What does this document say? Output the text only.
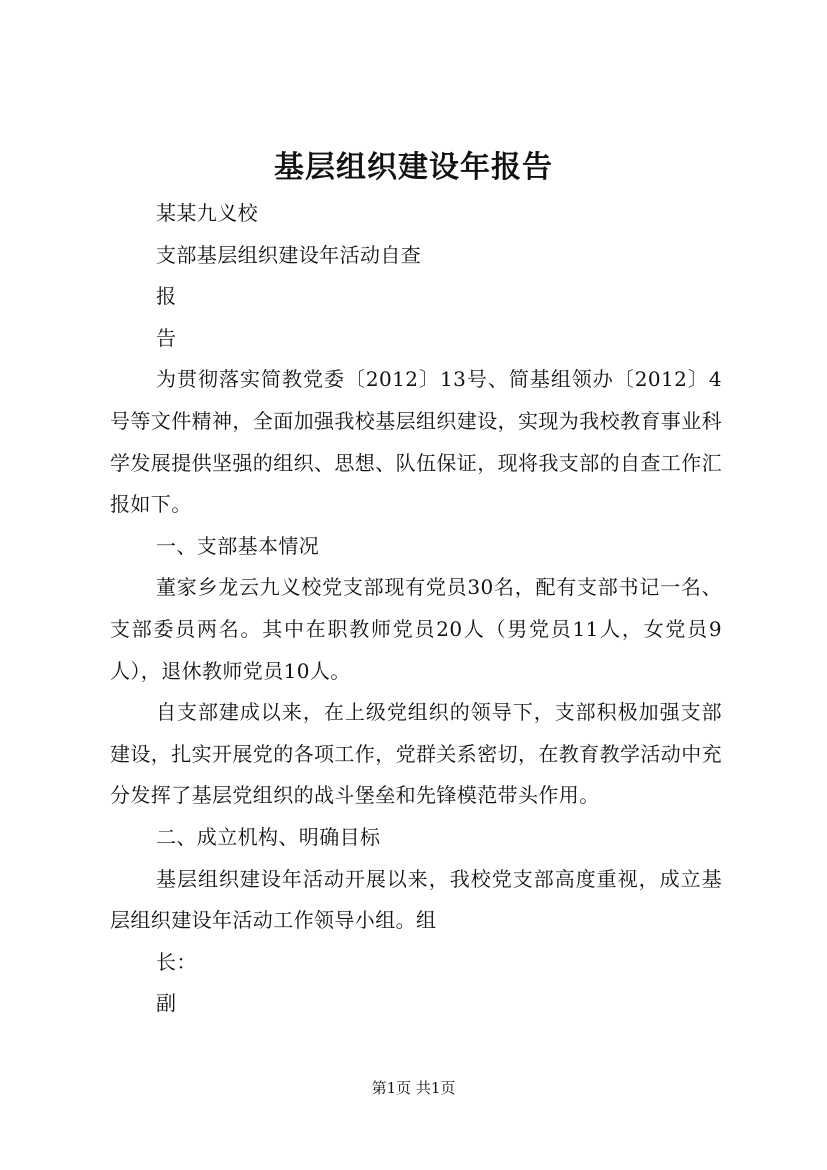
基层组织建设年报告

某某九义校

支部基层组织建设年活动自查

报

告

为贯彻落实简教党委〔2012〕13号、简基组领办〔2012〕4号等文件精神，全面加强我校基层组织建设，实现为我校教育事业科学发展提供坚强的组织、思想、队伍保证，现将我支部的自查工作汇报如下。

一、支部基本情况

董家乡龙云九义校党支部现有党员30名，配有支部书记一名、支部委员两名。其中在职教师党员20人（男党员11人，女党员9人），退休教师党员10人。

自支部建成以来，在上级党组织的领导下，支部积极加强支部建设，扎实开展党的各项工作，党群关系密切，在教育教学活动中充分发挥了基层党组织的战斗堡垒和先锋模范带头作用。

二、成立机构、明确目标

基层组织建设年活动开展以来，我校党支部高度重视，成立基层组织建设年活动工作领导小组。组

长：

副

第1页 共1页
